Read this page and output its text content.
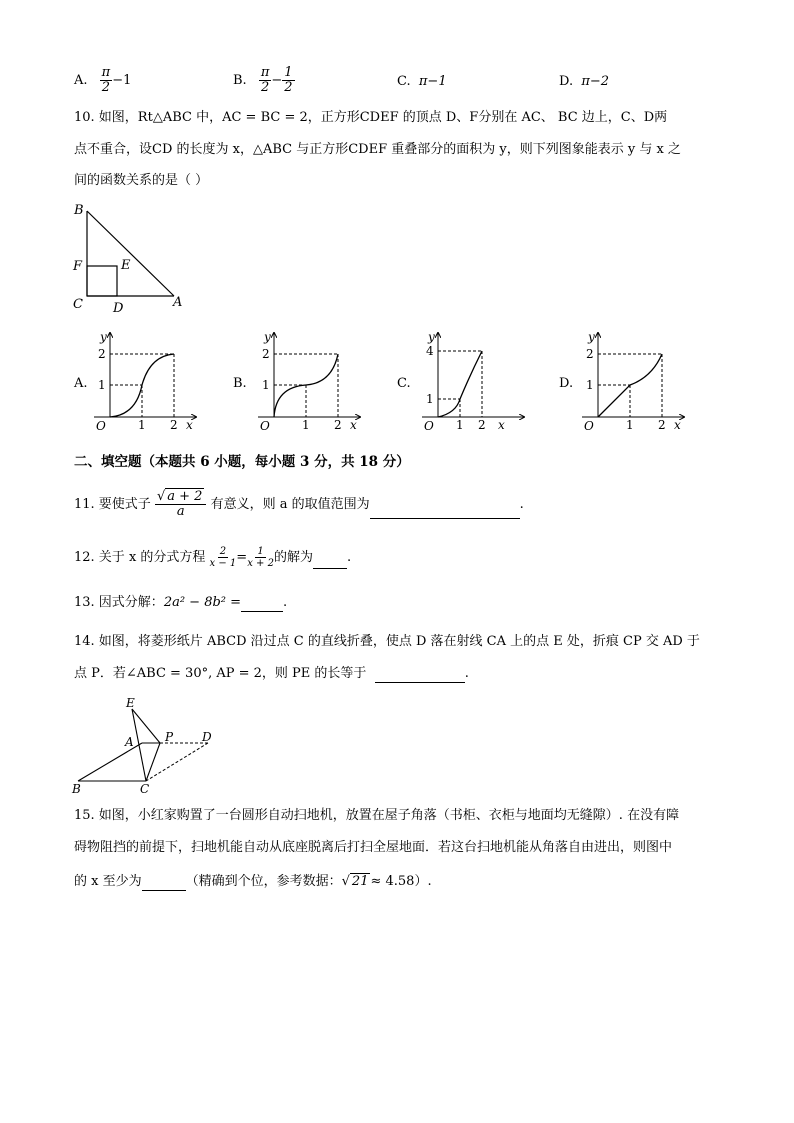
A. $\frac{\pi}{2} -1$	B. $\frac{\pi}{2} - \frac{1}{2}$	C. π−1	D. π−2
10. 如图，Rt△ABC 中，AC = BC = 2，正方形CDEF 的顶点 D、F分别在 AC、 BC 边上，C、D两
点不重合，设CD 的长度为 x，△ABC 与正方形CDEF 重叠部分的面积为 y，则下列图象能表示 y 与 x 之
间的函数关系的是（ ）
B
F	E
C D	A
A.
y
2
1
O	1 2 x
B.
y
2
1
O	1 2 x
C.
y
4
1
O 1 2 x
D.
y
2
1
O	1 2 x
二、填空题（本题共 6 小题，每小题 3 分，共 18 分）
11. 要使式子 $\frac{√ a + 2}{a}$ 有意义，则 a 的取值范围为	.
12. 关于 x 的分式方程 $\frac{2}{x - 1} = \frac{1}{x + 2}$ 的解为	.
13. 因式分解：2a² − 8b² =	.
14. 如图，将菱形纸片 ABCD 沿过点 C 的直线折叠，使点 D 落在射线 CA 上的点 E 处，折痕 CP 交 AD 于
点 P．若∠ABC = 30°, AP = 2，则 PE 的长等于	.
E
A	P D
B	C
15. 如图，小红家购置了一台圆形自动扫地机，放置在屋子角落（书柜、衣柜与地面均无缝隙）. 在没有障
碍物阻挡的前提下，扫地机能自动从底座脱离后打扫全屋地面．若这台扫地机能从角落自由进出，则图中
的 x 至少为	（精确到个位，参考数据：√ 21 ≈ 4.58）.
